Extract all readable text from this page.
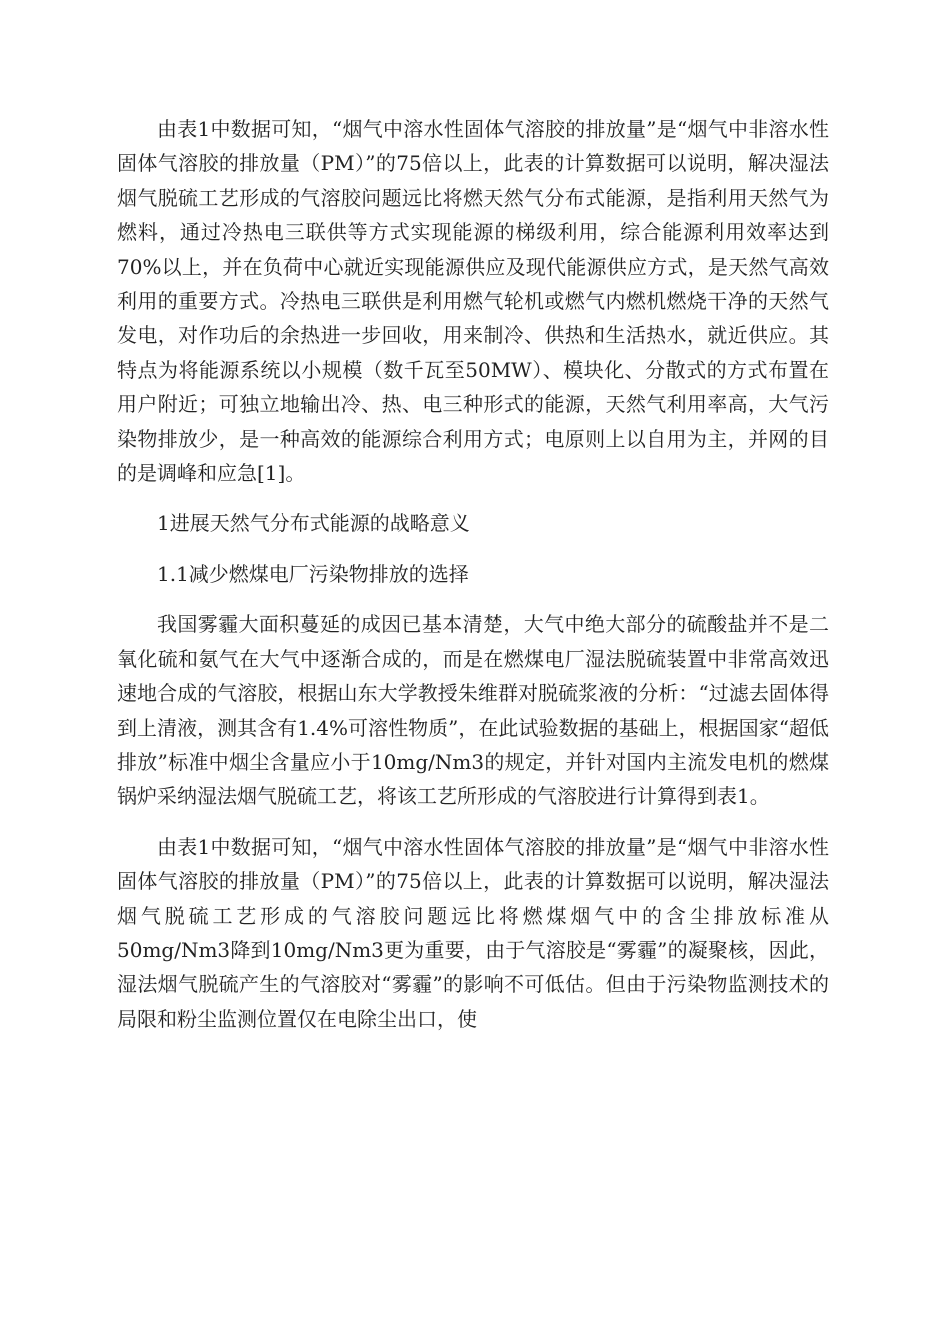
由表1中数据可知，“烟气中溶水性固体气溶胶的排放量”是“烟气中非溶水性固体气溶胶的排放量（PM）”的75倍以上，此表的计算数据可以说明，解决湿法烟气脱硫工艺形成的气溶胶问题远比将燃天然气分布式能源，是指利用天然气为燃料，通过冷热电三联供等方式实现能源的梯级利用，综合能源利用效率达到70%以上，并在负荷中心就近实现能源供应及现代能源供应方式，是天然气高效利用的重要方式。冷热电三联供是利用燃气轮机或燃气内燃机燃烧干净的天然气发电，对作功后的余热进一步回收，用来制冷、供热和生活热水，就近供应。其特点为将能源系统以小规模（数千瓦至50MW）、模块化、分散式的方式布置在用户附近；可独立地输出冷、热、电三种形式的能源，天然气利用率高，大气污染物排放少，是一种高效的能源综合利用方式；电原则上以自用为主，并网的目的是调峰和应急[1]。

1进展天然气分布式能源的战略意义

1.1减少燃煤电厂污染物排放的选择

我国雾霾大面积蔓延的成因已基本清楚，大气中绝大部分的硫酸盐并不是二氧化硫和氨气在大气中逐渐合成的，而是在燃煤电厂湿法脱硫装置中非常高效迅速地合成的气溶胶，根据山东大学教授朱维群对脱硫浆液的分析：“过滤去固体得到上清液，测其含有1.4%可溶性物质”，在此试验数据的基础上，根据国家“超低排放”标准中烟尘含量应小于10mg/Nm3的规定，并针对国内主流发电机的燃煤锅炉采纳湿法烟气脱硫工艺，将该工艺所形成的气溶胶进行计算得到表1。

由表1中数据可知，“烟气中溶水性固体气溶胶的排放量”是“烟气中非溶水性固体气溶胶的排放量（PM）”的75倍以上，此表的计算数据可以说明，解决湿法烟气脱硫工艺形成的气溶胶问题远比将燃煤烟气中的含尘排放标准从50mg/Nm3降到10mg/Nm3更为重要，由于气溶胶是“雾霾”的凝聚核，因此，湿法烟气脱硫产生的气溶胶对“雾霾”的影响不可低估。但由于污染物监测技术的局限和粉尘监测位置仅在电除尘出口，使
